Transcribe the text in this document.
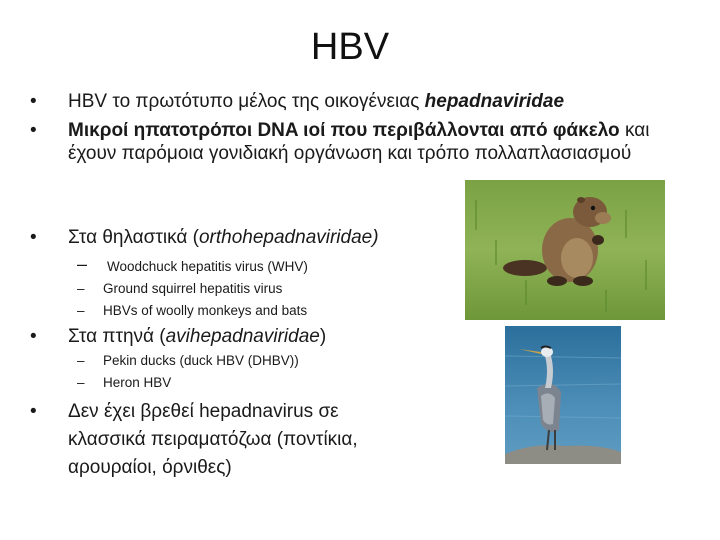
HBV
• HBV το πρωτότυπο μέλος της οικογένειας hepadnaviridae
• Μικροί ηπατοτρόποι DNA ιοί που περιβάλλονται από φάκελο και έχουν παρόμοια γονιδιακή οργάνωση και τρόπο πολλαπλασιασμού
• Στα θηλαστικά (orthohepadnaviridae)
– Woodchuck hepatitis virus (WHV)
– Ground squirrel hepatitis virus
– HBVs of woolly monkeys and bats
• Στα πτηνά (avihepadnaviridae)
– Pekin ducks (duck HBV (DHBV))
– Heron HBV
• Δεν έχει βρεθεί hepadnavirus σε κλασσικά πειραματόζωα (ποντίκια, αρουραίοι, όρνιθες)
